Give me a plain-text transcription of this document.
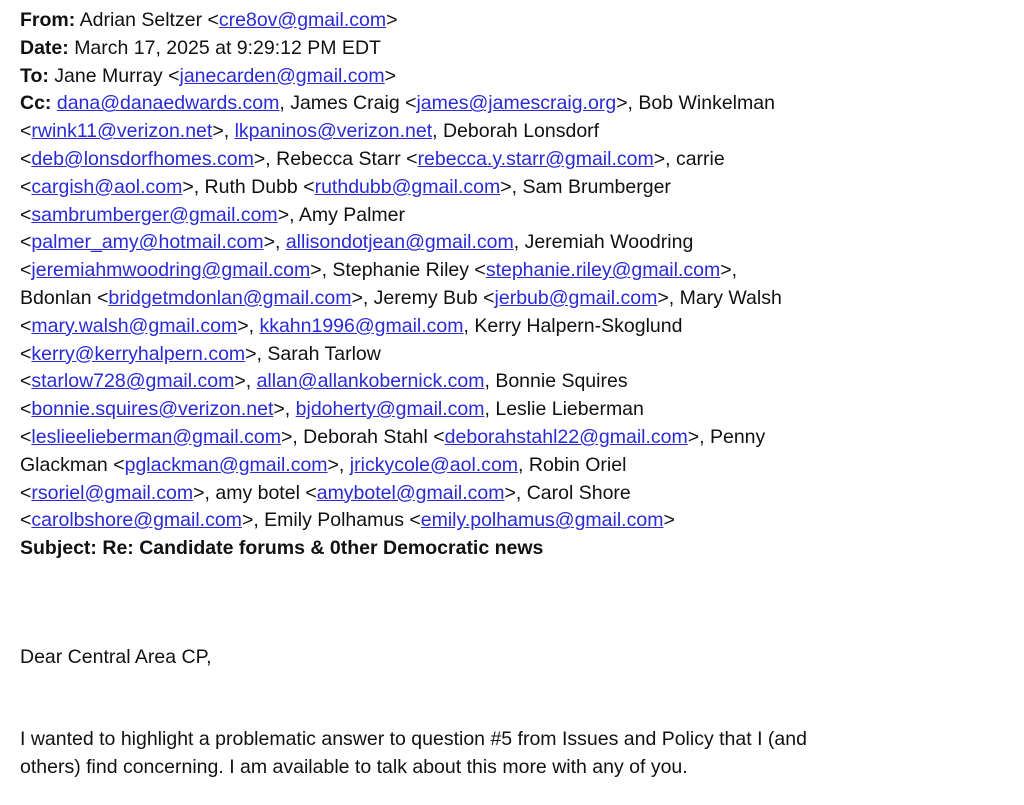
From: Adrian Seltzer <cre8ov@gmail.com>
Date: March 17, 2025 at 9:29:12 PM EDT
To: Jane Murray <janecarden@gmail.com>
Cc: dana@danaedwards.com, James Craig <james@jamescraig.org>, Bob Winkelman
<rwink11@verizon.net>, lkpaninos@verizon.net, Deborah Lonsdorf
<deb@lonsdorfhomes.com>, Rebecca Starr <rebecca.y.starr@gmail.com>, carrie
<cargish@aol.com>, Ruth Dubb <ruthdubb@gmail.com>, Sam Brumberger
<sambrumberger@gmail.com>, Amy Palmer
<palmer_amy@hotmail.com>, allisondotjean@gmail.com, Jeremiah Woodring
<jeremiahmwoodring@gmail.com>, Stephanie Riley <stephanie.riley@gmail.com>,
Bdonlan <bridgetmdonlan@gmail.com>, Jeremy Bub <jerbub@gmail.com>, Mary Walsh
<mary.walsh@gmail.com>, kkahn1996@gmail.com, Kerry Halpern-Skoglund
<kerry@kerryhalpern.com>, Sarah Tarlow
<starlow728@gmail.com>, allan@allankobernick.com, Bonnie Squires
<bonnie.squires@verizon.net>, bjdoherty@gmail.com, Leslie Lieberman
<leslieelieberman@gmail.com>, Deborah Stahl <deborahstahl22@gmail.com>, Penny
Glackman <pglackman@gmail.com>, jrickycole@aol.com, Robin Oriel
<rsoriel@gmail.com>, amy botel <amybotel@gmail.com>, Carol Shore
<carolbshore@gmail.com>, Emily Polhamus <emily.polhamus@gmail.com>
Subject: Re: Candidate forums & 0ther Democratic news
Dear Central Area CP,
I wanted to highlight a problematic answer to question #5 from Issues and Policy that I (and
others) find concerning. I am available to talk about this more with any of you.
